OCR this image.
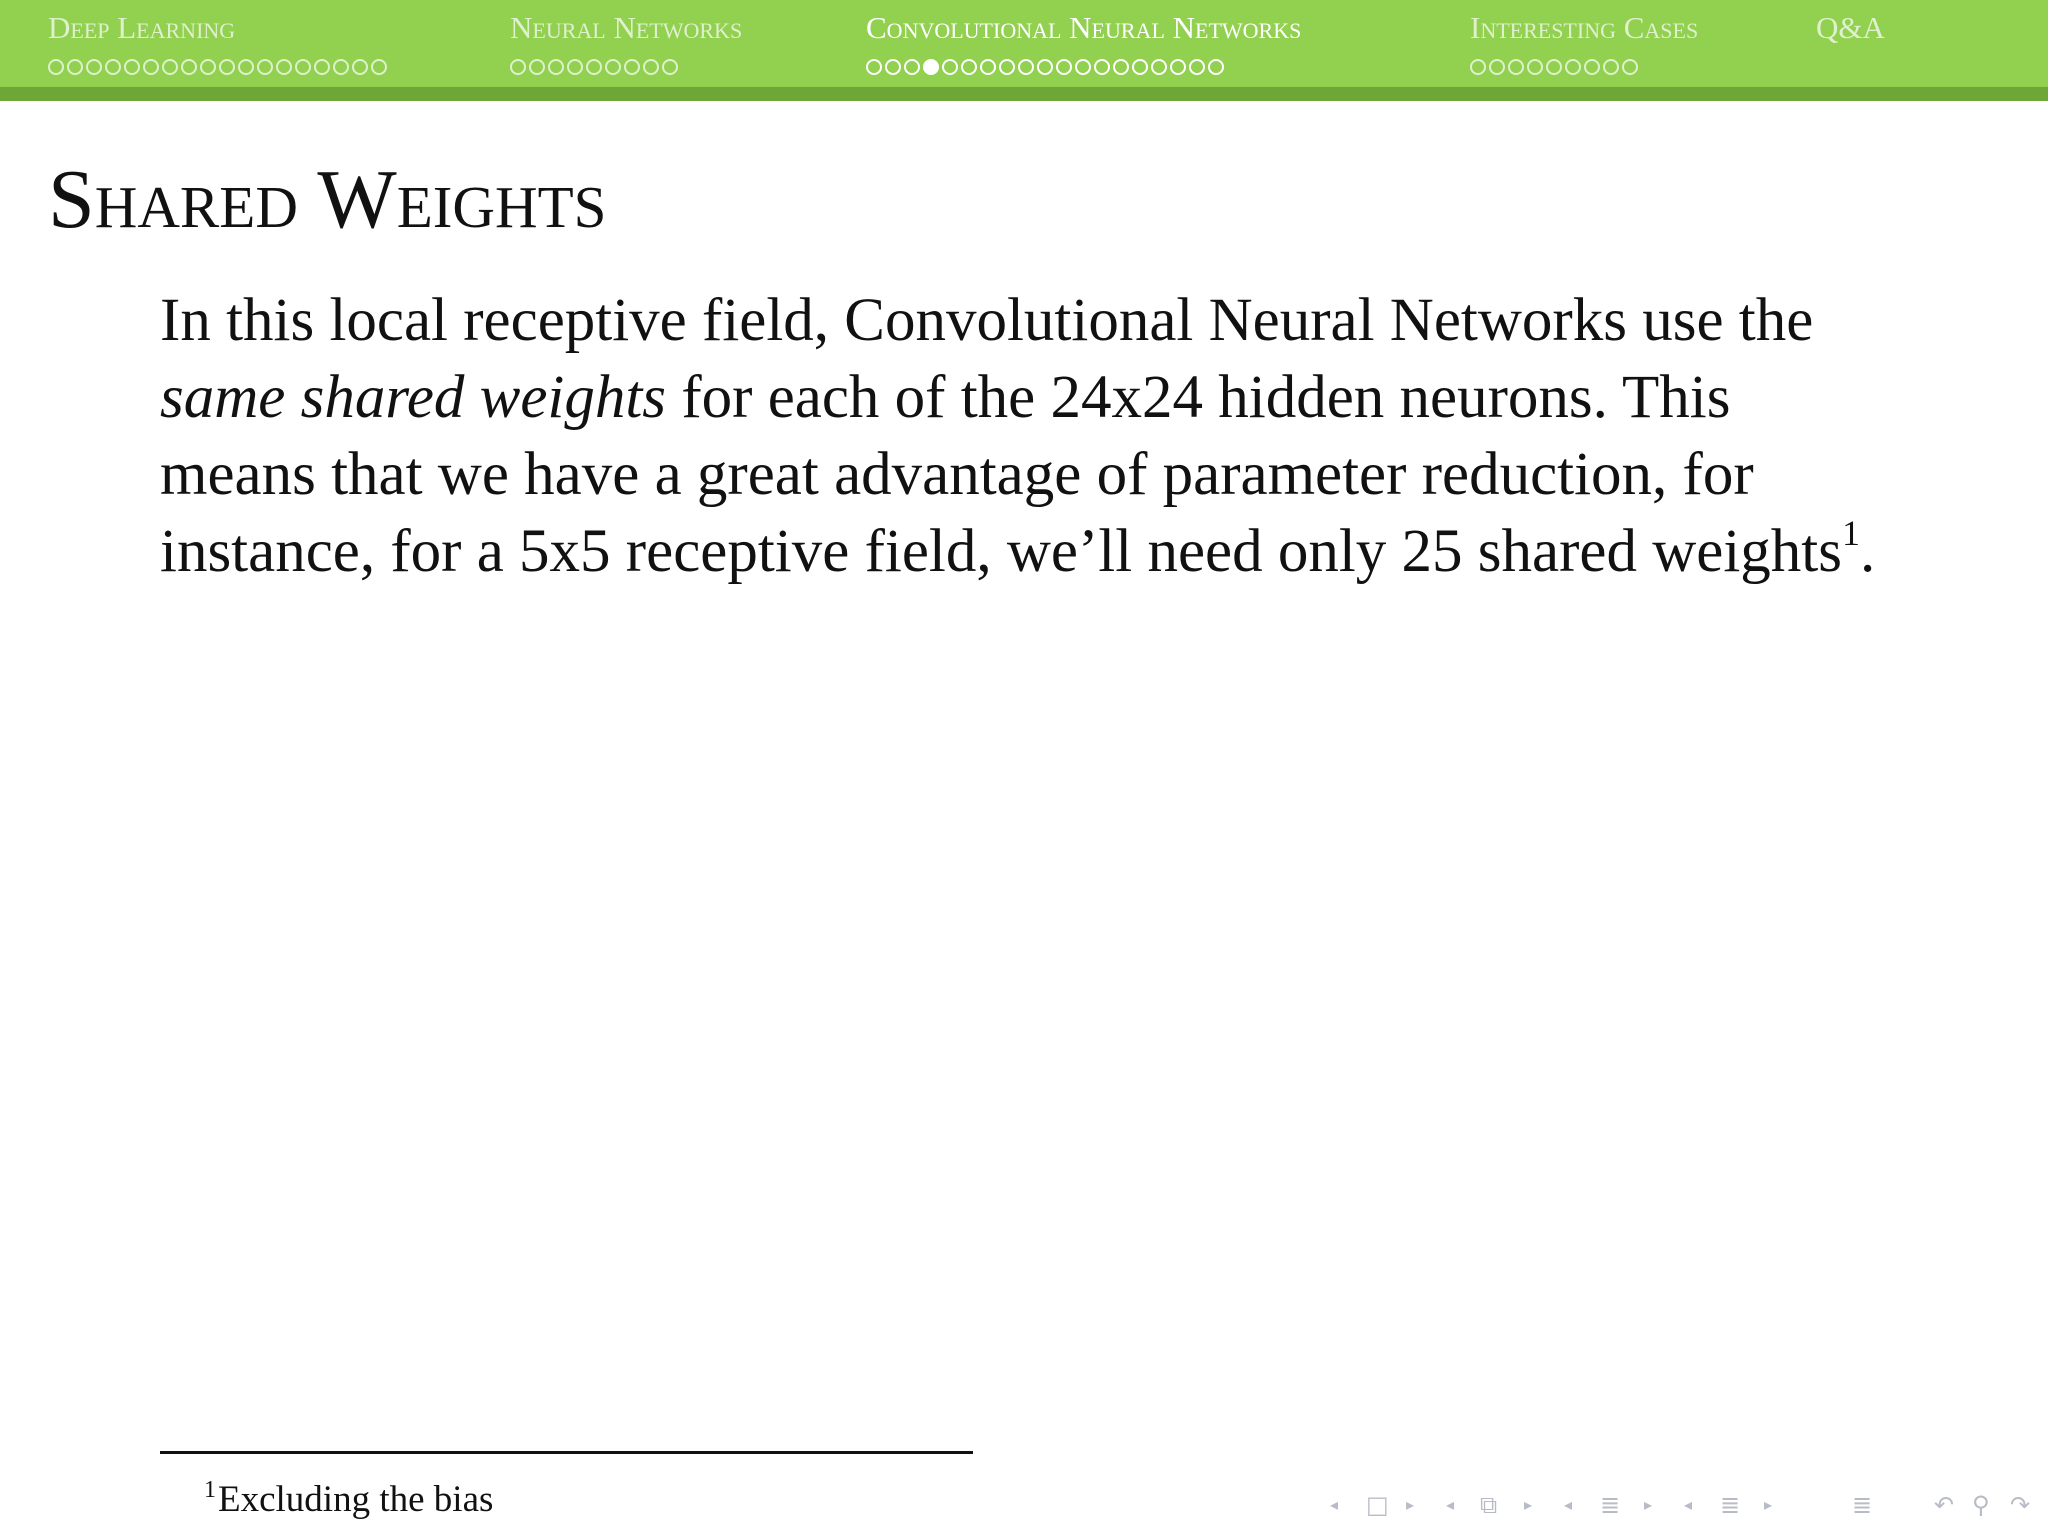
Deep Learning	Neural Networks	Convolutional Neural Networks	Interesting Cases	Q&A
Shared Weights

In this local receptive field, Convolutional Neural Networks use the same shared weights for each of the 24x24 hidden neurons. This means that we have a great advantage of parameter reduction, for instance, for a 5x5 receptive field, we’ll need only 25 shared weights$^1$.

$^1$Excluding the bias	◂ □ ▸ ◂ ⧉ ▸ ◂ ≣ ▸ ◂ ≣ ▸	≣	↶ ⚲ ↷
